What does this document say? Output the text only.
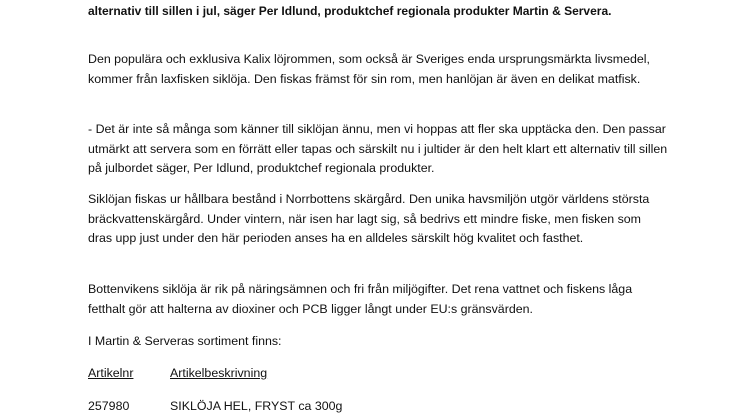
alternativ till sillen i jul, säger Per Idlund, produktchef regionala produkter Martin & Servera.

Den populära och exklusiva Kalix löjrommen, som också är Sveriges enda ursprungsmärkta livsmedel, kommer från laxfisken siklöja. Den fiskas främst för sin rom, men hanlöjan är även en delikat matfisk.

- Det är inte så många som känner till siklöjan ännu, men vi hoppas att fler ska upptäcka den. Den passar utmärkt att servera som en förrätt eller tapas och särskilt nu i jultider är den helt klart ett alternativ till sillen på julbordet säger, Per Idlund, produktchef regionala produkter.

Siklöjan fiskas ur hållbara bestånd i Norrbottens skärgård. Den unika havsmiljön utgör världens största bräckvattenskärgård. Under vintern, när isen har lagt sig, så bedrivs ett mindre fiske, men fisken som dras upp just under den här perioden anses ha en alldeles särskilt hög kvalitet och fasthet.

Bottenvikens siklöja är rik på näringsämnen och fri från miljögifter. Det rena vattnet och fiskens låga fetthalt gör att halterna av dioxiner och PCB ligger långt under EU:s gränsvärden.

I Martin & Serveras sortiment finns:

Artikelnr	Artikelbeskrivning
257980	SIKLÖJA HEL, FRYST ca 300g
